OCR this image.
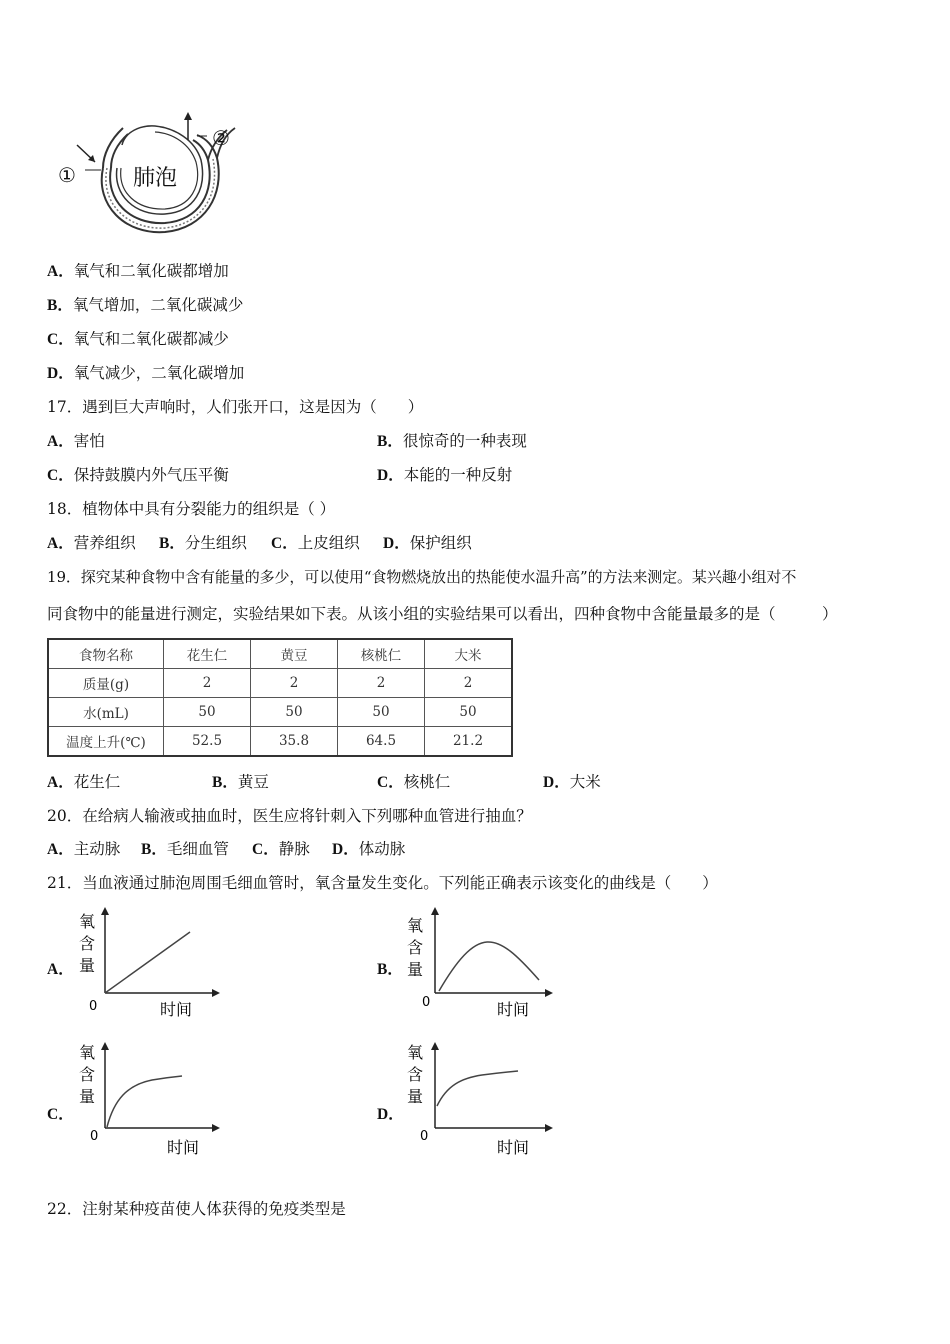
①
②
肺泡
A．氧气和二氧化碳都增加
B．氧气增加，二氧化碳减少
C．氧气和二氧化碳都减少
D．氧气减少，二氧化碳增加
17．遇到巨大声响时，人们张开口，这是因为（　　）
A．害怕	B．很惊奇的一种表现
C．保持鼓膜内外气压平衡	D．本能的一种反射
18．植物体中具有分裂能力的组织是（ ）
A．营养组织 B．分生组织 C．上皮组织 D．保护组织
19．探究某种食物中含有能量的多少，可以使用“食物燃烧放出的热能使水温升高”的方法来测定。某兴趣小组对不
同食物中的能量进行测定，实验结果如下表。从该小组的实验结果可以看出，四种食物中含能量最多的是（　　　）
食物名称	花生仁	黄豆	核桃仁	大米
质量(g)	2	2	2	2
水(mL)	50	50	50	50
温度上升(℃)	52.5	35.8	64.5	21.2
A．花生仁	B．黄豆	C．核桃仁	D．大米
20．在给病人输液或抽血时，医生应将针刺入下列哪种血管进行抽血？
A．主动脉 B．毛细血管 C．静脉 D．体动脉
21．当血液通过肺泡周围毛细血管时，氧含量发生变化。下列能正确表示该变化的曲线是（　　）
A．
氧
含
量
0	时间
B．
氧
含
量
0	时间
C．
氧
含
量
0
时间
D．
氧
含
量
0
时间
22．注射某种疫苗使人体获得的免疫类型是
